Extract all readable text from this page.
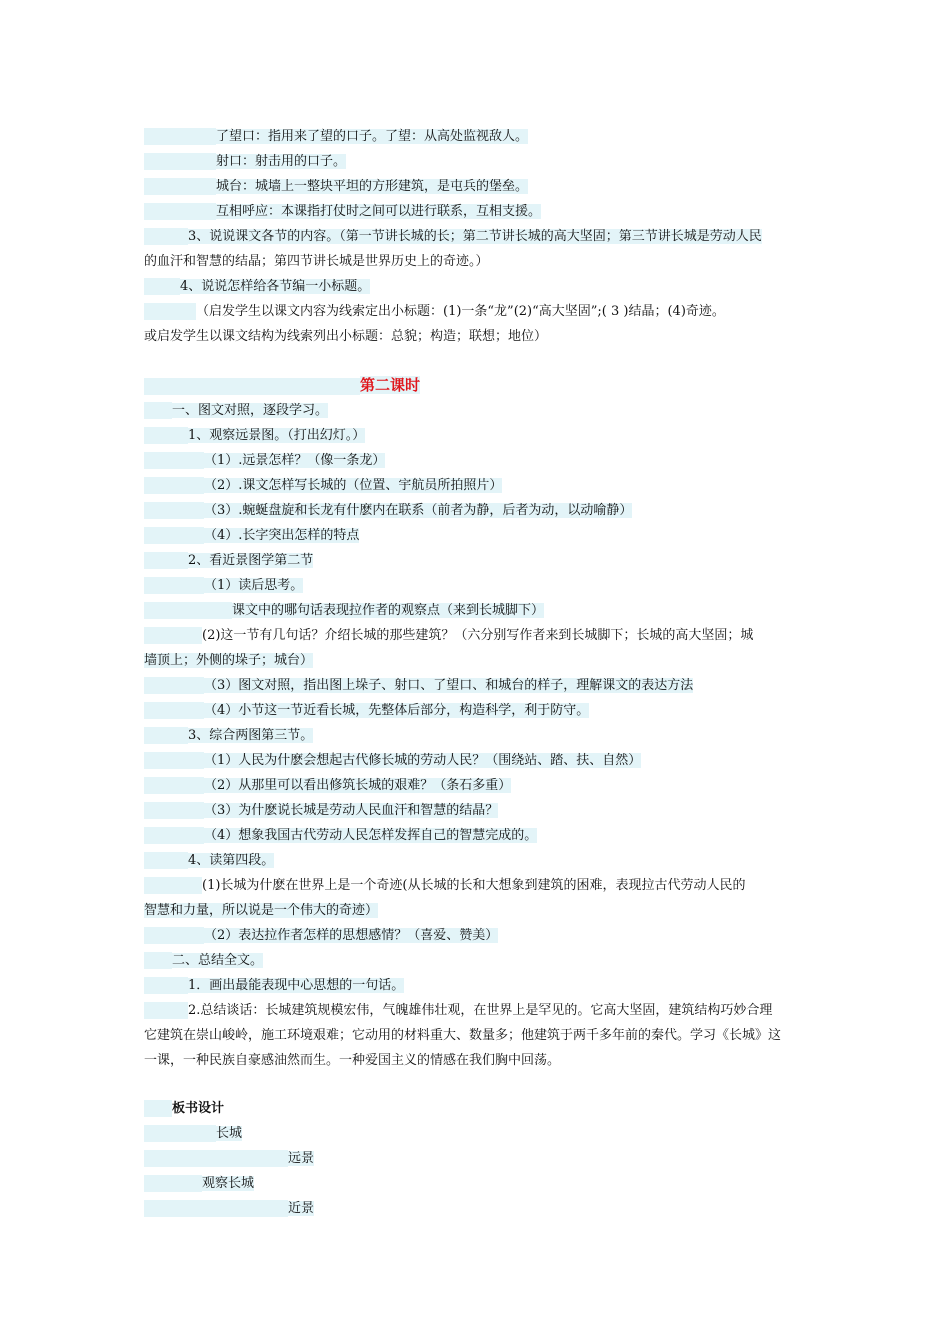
了望口：指用来了望的口子。了望：从高处监视敌人。
射口：射击用的口子。
城台：城墙上一整块平坦的方形建筑，是屯兵的堡垒。
互相呼应：本课指打仗时之间可以进行联系，互相支援。
3、说说课文各节的内容。（第一节讲长城的长；第二节讲长城的高大坚固；第三节讲长城是劳动人民
的血汗和智慧的结晶；第四节讲长城是世界历史上的奇迹。）
4、说说怎样给各节编一小标题。
（启发学生以课文内容为线索定出小标题：(1)一条“龙”(2)“高大坚固”;( 3 )结晶；(4)奇迹。
或启发学生以课文结构为线索列出小标题：总貌；构造；联想；地位）
第二课时
一、图文对照，逐段学习。
1、观察远景图。（打出幻灯。）
（1）.远景怎样？（像一条龙）
（2）.课文怎样写长城的（位置、宇航员所拍照片）
（3）.蜿蜒盘旋和长龙有什麽内在联系（前者为静，后者为动，以动喻静）
（4）.长字突出怎样的特点
2、看近景图学第二节
（1）读后思考。
课文中的哪句话表现拉作者的观察点（来到长城脚下）
(2)这一节有几句话？介绍长城的那些建筑？（六分别写作者来到长城脚下；长城的高大坚固；城
墙顶上；外侧的垛子；城台）
（3）图文对照，指出图上垛子、射口、了望口、和城台的样子，理解课文的表达方法
（4）小节这一节近看长城，先整体后部分，构造科学，利于防守。
3、综合两图第三节。
（1）人民为什麽会想起古代修长城的劳动人民？（围绕站、踏、扶、自然）
（2）从那里可以看出修筑长城的艰难？（条石多重）
（3）为什麽说长城是劳动人民血汗和智慧的结晶？
（4）想象我国古代劳动人民怎样发挥自己的智慧完成的。
4、读第四段。
(1)长城为什麽在世界上是一个奇迹(从长城的长和大想象到建筑的困难，表现拉古代劳动人民的
智慧和力量，所以说是一个伟大的奇迹）
（2）表达拉作者怎样的思想感情？（喜爱、赞美）
二、总结全文。
1．画出最能表现中心思想的一句话。
2.总结谈话：长城建筑规模宏伟，气魄雄伟壮观，在世界上是罕见的。它高大坚固，建筑结构巧妙合理
它建筑在崇山峻岭，施工环境艰难；它动用的材料重大、数量多；他建筑于两千多年前的秦代。学习《长城》这
一课，一种民族自豪感油然而生。一种爱国主义的情感在我们胸中回荡。
板书设计
长城
远景
观察长城
近景
